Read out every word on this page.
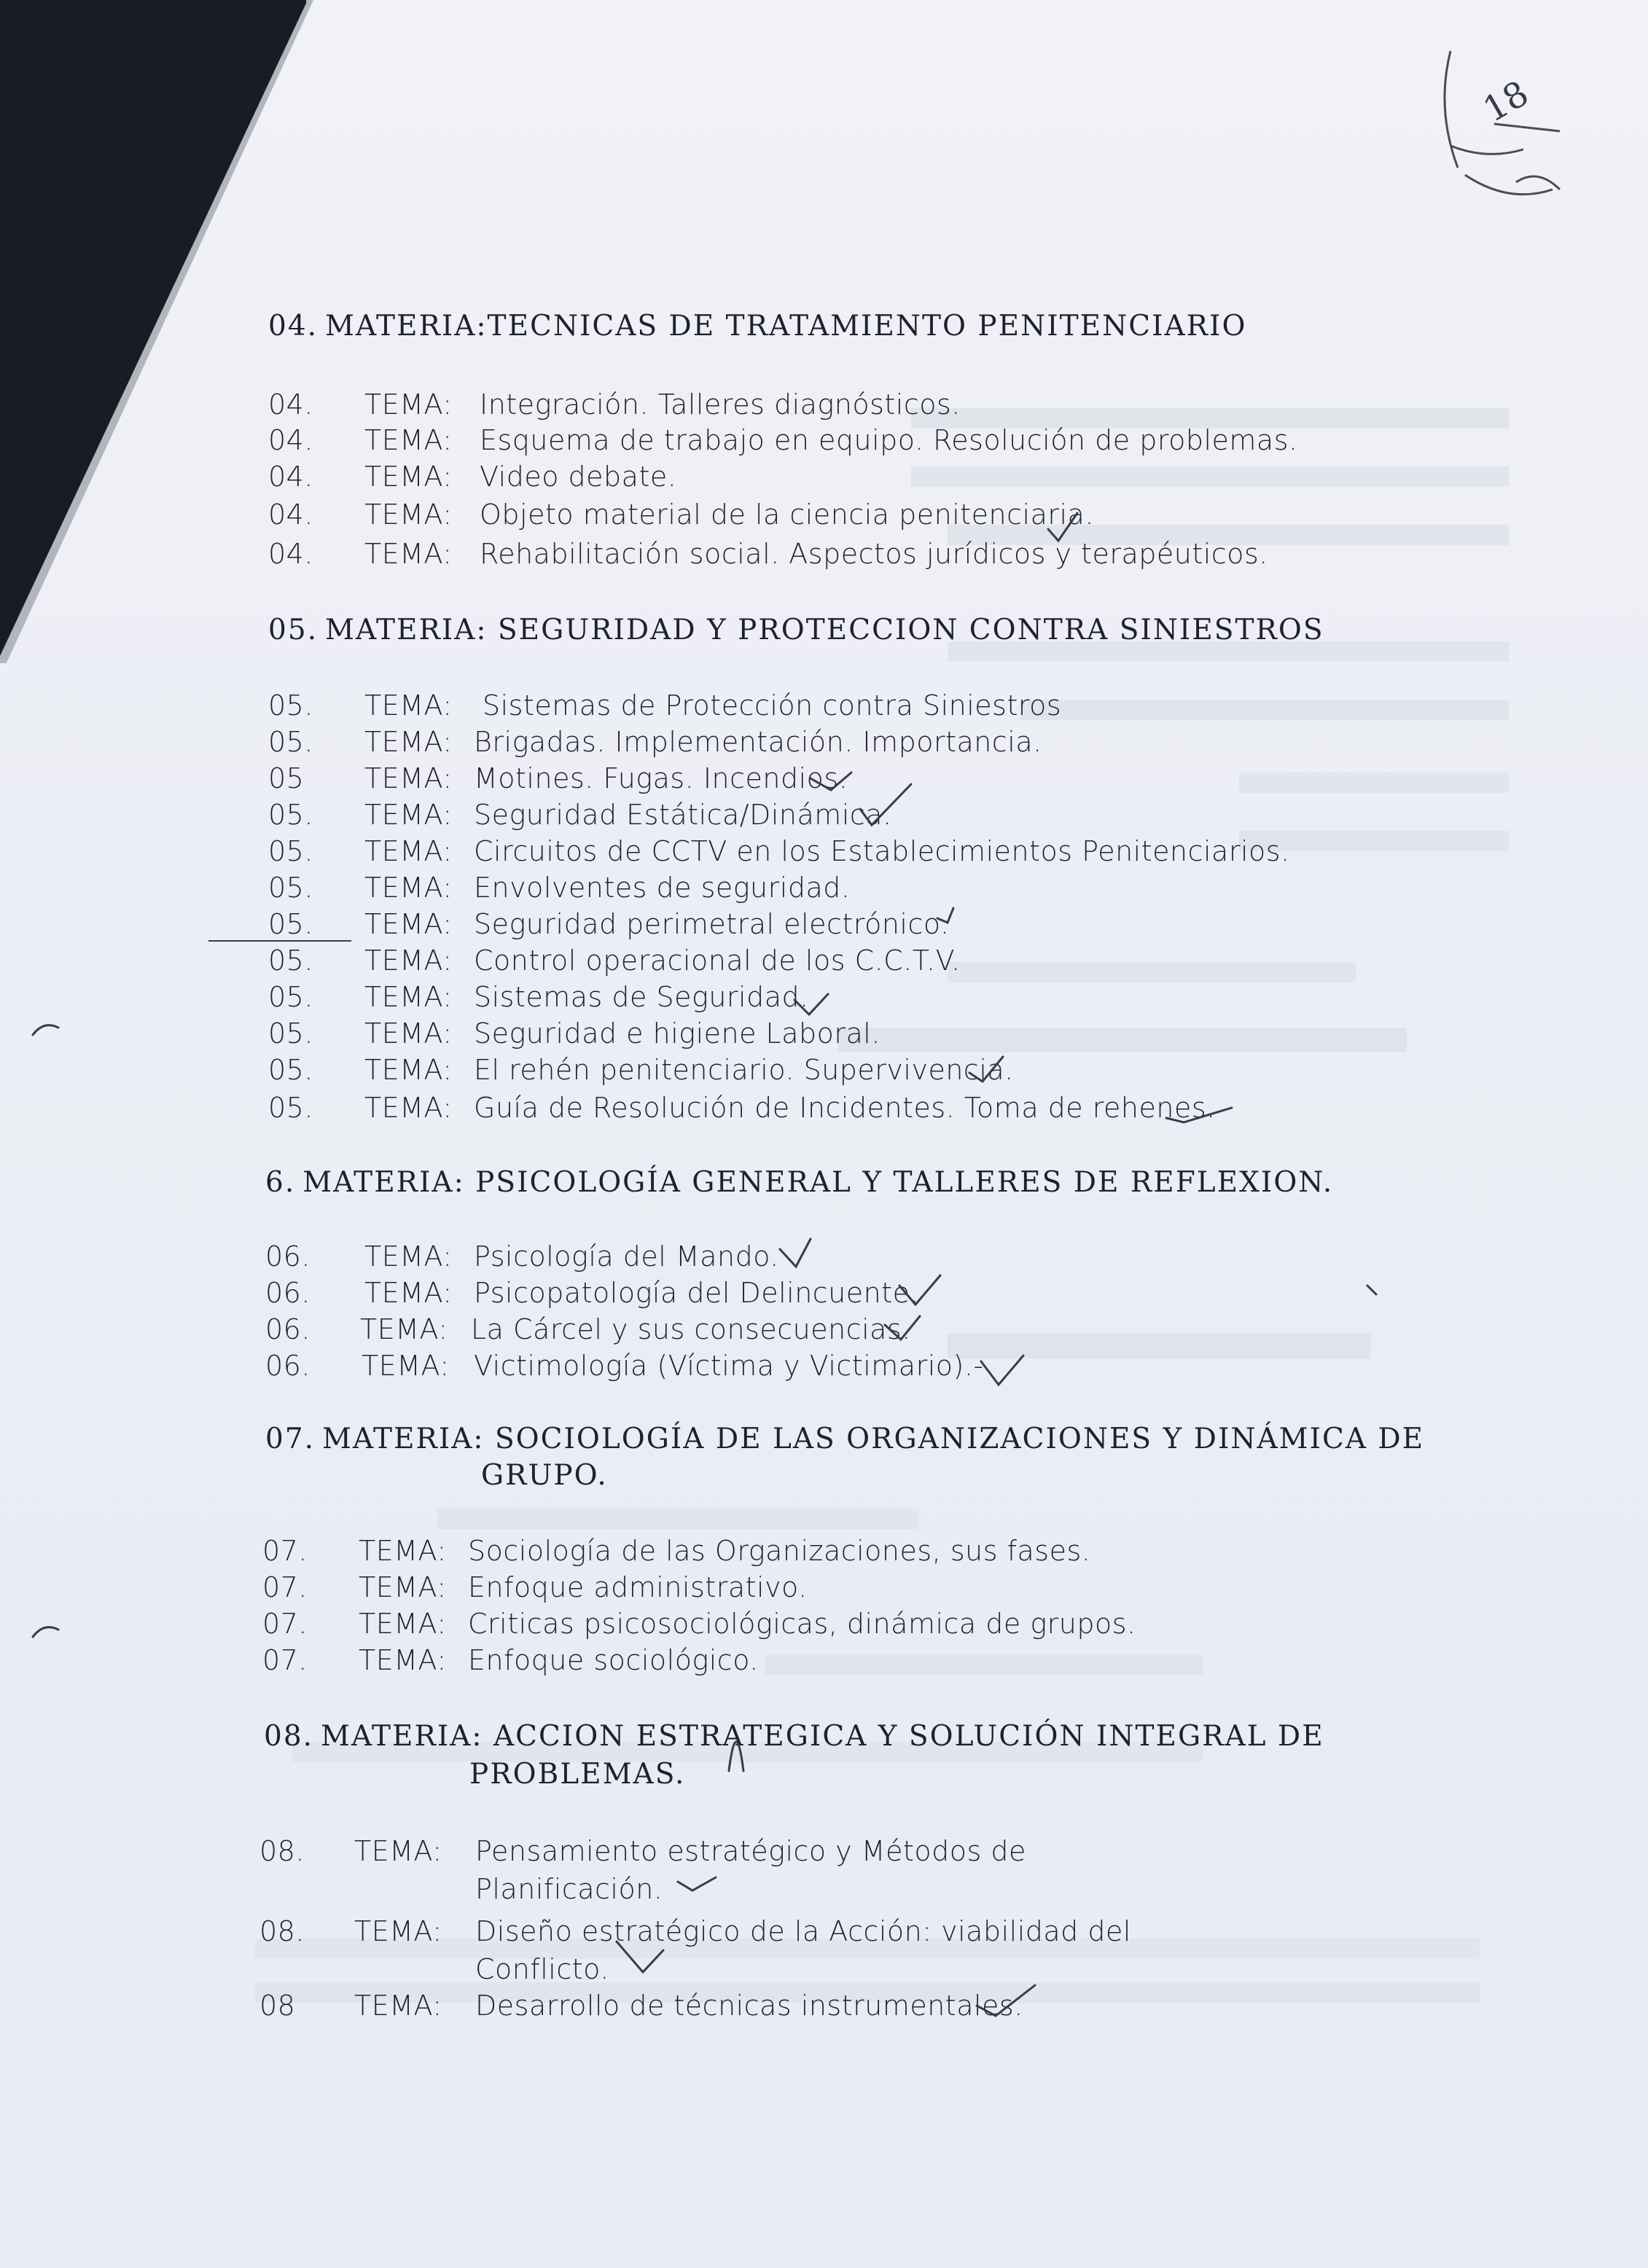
18
04. MATERIA:TECNICAS DE TRATAMIENTO PENITENCIARIO
04. TEMA: Integración. Talleres diagnósticos.
04. TEMA: Esquema de trabajo en equipo. Resolución de problemas.
04. TEMA: Video debate.
04. TEMA: Objeto material de la ciencia penitenciaria.
04. TEMA: Rehabilitación social. Aspectos jurídicos y terapéuticos.
05. MATERIA: SEGURIDAD Y PROTECCION CONTRA SINIESTROS
05. TEMA: Sistemas de Protección contra Siniestros
05. TEMA: Brigadas. Implementación. Importancia.
05 TEMA: Motines. Fugas. Incendios.
05. TEMA: Seguridad Estática/Dinámica.
05. TEMA: Circuitos de CCTV en los Establecimientos Penitenciarios.
05. TEMA: Envolventes de seguridad.
05. TEMA: Seguridad perimetral electrónico.
05. TEMA: Control operacional de los C.C.T.V.
05. TEMA: Sistemas de Seguridad.
05. TEMA: Seguridad e higiene Laboral.
05. TEMA: El rehén penitenciario. Supervivencia.
05. TEMA: Guía de Resolución de Incidentes. Toma de rehenes.
6. MATERIA: PSICOLOGÍA GENERAL Y TALLERES DE REFLEXION.
06. TEMA: Psicología del Mando.
06. TEMA: Psicopatología del Delincuente.
06. TEMA: La Cárcel y sus consecuencias.
06. TEMA: Victimología (Víctima y Victimario).-
07. MATERIA: SOCIOLOGÍA DE LAS ORGANIZACIONES Y DINÁMICA DE
GRUPO.
07. TEMA: Sociología de las Organizaciones, sus fases.
07. TEMA: Enfoque administrativo.
07. TEMA: Criticas psicosociológicas, dinámica de grupos.
07. TEMA: Enfoque sociológico.
08. MATERIA: ACCION ESTRATEGICA Y SOLUCIÓN INTEGRAL DE
PROBLEMAS.
08. TEMA: Pensamiento estratégico y Métodos de
Planificación.
08. TEMA: Diseño estratégico de la Acción: viabilidad del
Conflicto.
08 TEMA: Desarrollo de técnicas instrumentales.
